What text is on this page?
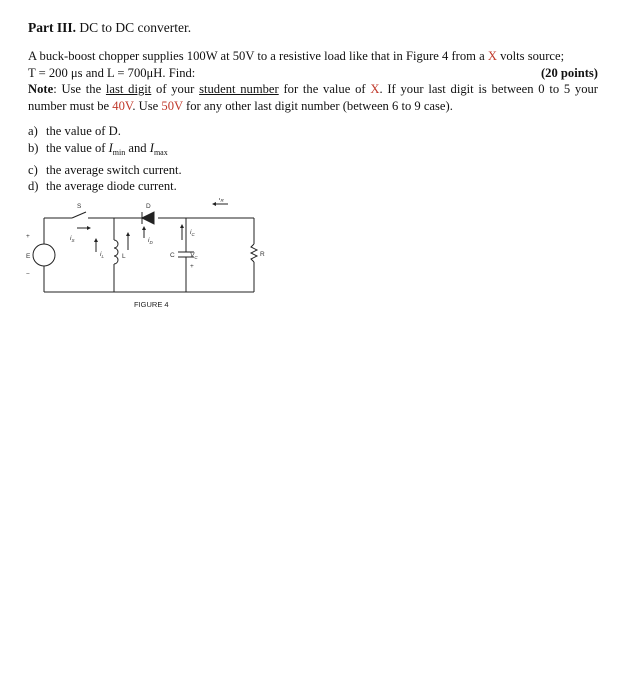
Part III. DC to DC converter.

A buck-boost chopper supplies 100W at 50V to a resistive load like that in Figure 4 from a X volts source;

T = 200 μs and L = 700μH. Find:	(20 points)

Note: Use the last digit of your student number for the value of X. If your last digit is between 0 to 5 your number must be 40V. Use 50V for any other last digit number (between 6 to 9 case).

a) the value of D.
b) the value of $I_{min}$ and $I_{max}$
c) the average switch current.
d) the average diode current.
S	D
+
E
−
$i_S$
$i_L$	L
$i_D$
$i_C$
C $V_C$
+
$i_R$
R
FIGURE 4
